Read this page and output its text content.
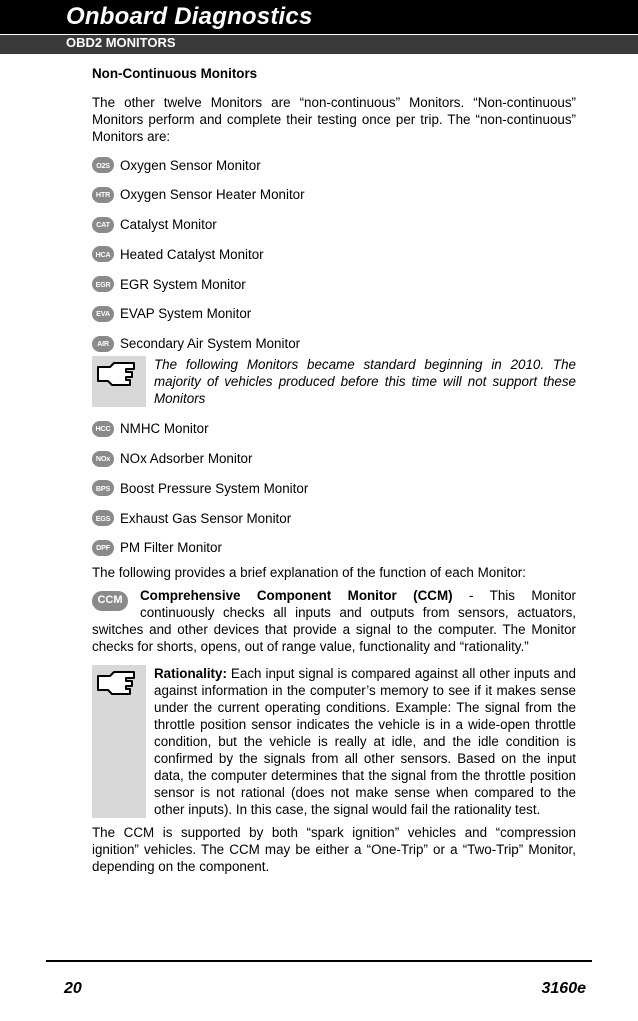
Onboard Diagnostics
OBD2 MONITORS
Non-Continuous Monitors
The other twelve Monitors are “non-continuous” Monitors. “Non-continuous” Monitors perform and complete their testing once per trip. The “non-continuous” Monitors are:
O2S Oxygen Sensor Monitor
HTR Oxygen Sensor Heater Monitor
CAT Catalyst Monitor
HCA Heated Catalyst Monitor
EGR EGR System Monitor
EVA EVAP System Monitor
AIR Secondary Air System Monitor
The following Monitors became standard beginning in 2010. The majority of vehicles produced before this time will not support these Monitors
HCC NMHC Monitor
NOx NOx Adsorber Monitor
BPS Boost Pressure System Monitor
EGS Exhaust Gas Sensor Monitor
DPF PM Filter Monitor
The following provides a brief explanation of the function of each Monitor:
CCM	Comprehensive Component Monitor (CCM) - This Monitor continuously checks all inputs and outputs from sensors, actuators, switches and other devices that provide a signal to the computer. The Monitor checks for shorts, opens, out of range value, functionality and “rationality.”
Rationality: Each input signal is compared against all other inputs and against information in the computer’s memory to see if it makes sense under the current operating conditions. Example: The signal from the throttle position sensor indicates the vehicle is in a wide-open throttle condition, but the vehicle is really at idle, and the idle condition is confirmed by the signals from all other sensors. Based on the input data, the computer determines that the signal from the throttle position sensor is not rational (does not make sense when compared to the other inputs). In this case, the signal would fail the rationality test.
The CCM is supported by both “spark ignition” vehicles and “compression ignition” vehicles. The CCM may be either a “One-Trip” or a “Two-Trip” Monitor, depending on the component.
20	3160e
